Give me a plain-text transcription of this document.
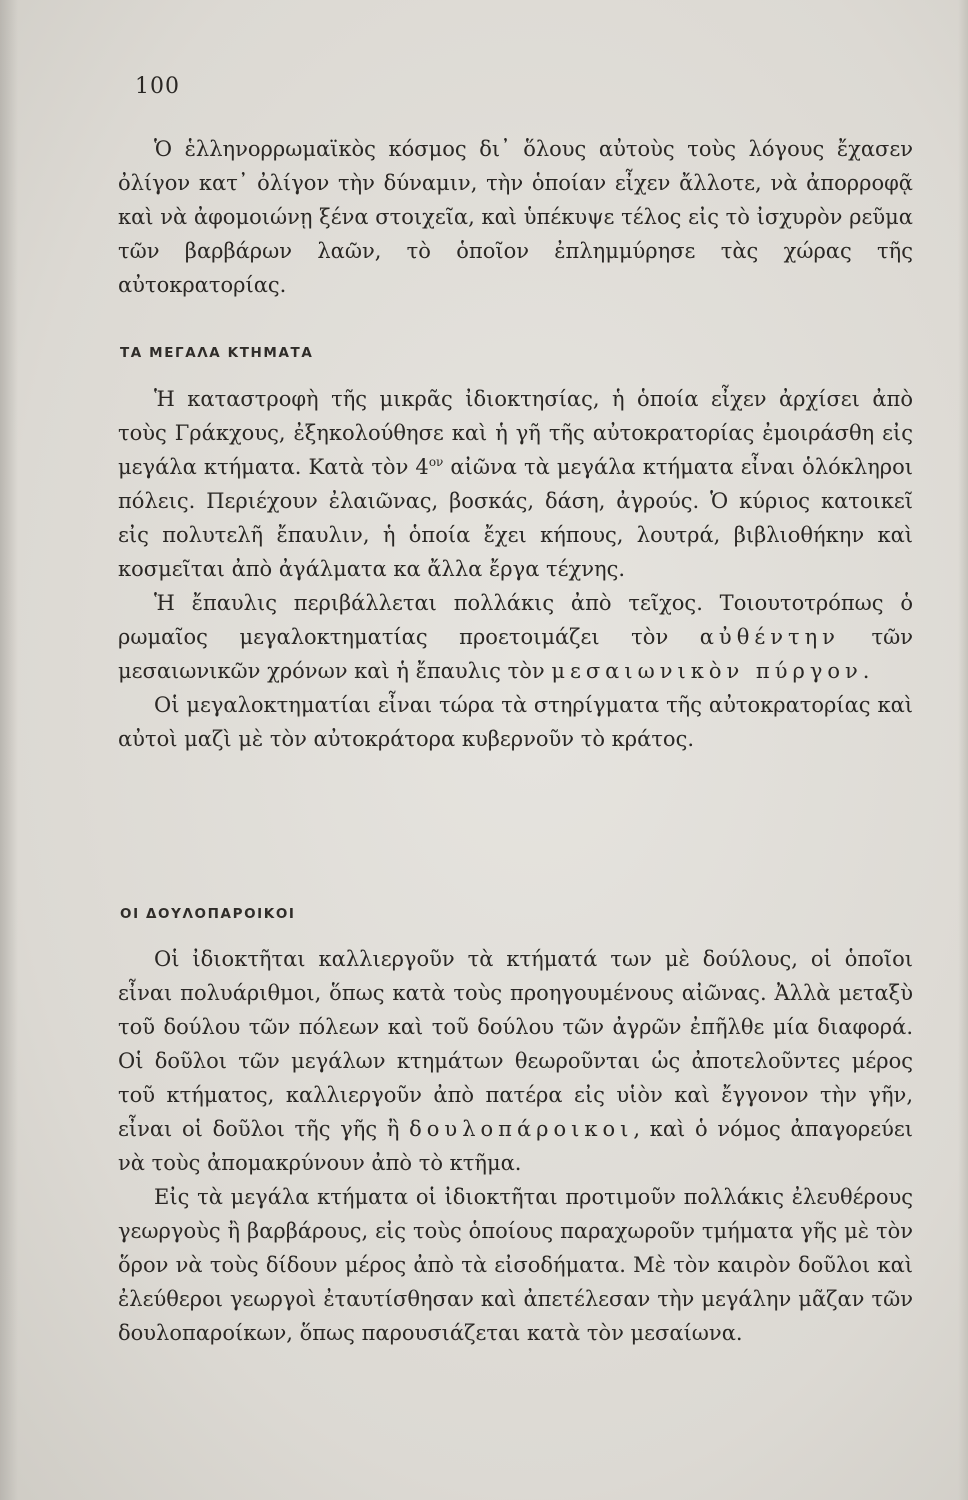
100

Ὁ ἑλληνορρωμαϊκὸς κόσμος δι᾽ ὅλους αὐτοὺς τοὺς λόγους ἔχασεν ὀλίγον κατ᾽ ὀλίγον τὴν δύναμιν, τὴν ὁποίαν εἶχεν ἄλλοτε, νὰ ἀπορροφᾷ καὶ νὰ ἀφομοιώνῃ ξένα στοιχεῖα, καὶ ὑπέκυψε τέλος εἰς τὸ ἰσχυρὸν ρεῦμα τῶν βαρβάρων λαῶν, τὸ ὁποῖον ἐπλημμύρησε τὰς χώρας τῆς αὐτοκρατορίας.

ΤΑ ΜΕΓΑΛΑ ΚΤΗΜΑΤΑ

Ἡ καταστροφὴ τῆς μικρᾶς ἰδιοκτησίας, ἡ ὁποία εἶχεν ἀρχίσει ἀπὸ τοὺς Γράκχους, ἐξηκολούθησε καὶ ἡ γῆ τῆς αὐτοκρατορίας ἐμοιράσθη εἰς μεγάλα κτήματα. Κατὰ τὸν $4^{o\nu}$ αἰῶνα τὰ μεγάλα κτήματα εἶναι ὁλόκληροι πόλεις. Περιέχουν ἐλαιῶνας, βοσκάς, δάση, ἀγρούς. Ὁ κύριος κατοικεῖ εἰς πολυτελῆ ἔπαυλιν, ἡ ὁποία ἔχει κήπους, λουτρά, βιβλιοθήκην καὶ κοσμεῖται ἀπὸ ἀγάλματα κα ἄλλα ἔργα τέχνης.

Ἡ ἔπαυλις περιβάλλεται πολλάκις ἀπὸ τεῖχος. Τοιουτοτρόπως ὁ ρωμαῖος μεγαλοκτηματίας προετοιμάζει τὸν αὐθέντην τῶν μεσαιωνικῶν χρόνων καὶ ἡ ἔπαυλις τὸν μεσαιωνικὸν πύργον.

Οἱ μεγαλοκτηματίαι εἶναι τώρα τὰ στηρίγματα τῆς αὐτοκρατορίας καὶ αὐτοὶ μαζὶ μὲ τὸν αὐτοκράτορα κυβερνοῦν τὸ κράτος.

ΟΙ ΔΟΥΛΟΠΑΡΟΙΚΟΙ

Οἱ ἰδιοκτῆται καλλιεργοῦν τὰ κτήματά των μὲ δούλους, οἱ ὁποῖοι εἶναι πολυάριθμοι, ὅπως κατὰ τοὺς προηγουμένους αἰῶνας. Ἀλλὰ μεταξὺ τοῦ δούλου τῶν πόλεων καὶ τοῦ δούλου τῶν ἀγρῶν ἐπῆλθε μία διαφορά. Οἱ δοῦλοι τῶν μεγάλων κτημάτων θεωροῦνται ὡς ἀποτελοῦντες μέρος τοῦ κτήματος, καλλιεργοῦν ἀπὸ πατέρα εἰς υἱὸν καὶ ἔγγονον τὴν γῆν, εἶναι οἱ δοῦλοι τῆς γῆς ἢ δουλοπάροικοι, καὶ ὁ νόμος ἀπαγορεύει νὰ τοὺς ἀπομακρύνουν ἀπὸ τὸ κτῆμα.

Εἰς τὰ μεγάλα κτήματα οἱ ἰδιοκτῆται προτιμοῦν πολλάκις ἐλευθέρους γεωργοὺς ἢ βαρβάρους, εἰς τοὺς ὁποίους παραχωροῦν τμήματα γῆς μὲ τὸν ὅρον νὰ τοὺς δίδουν μέρος ἀπὸ τὰ εἰσοδήματα. Μὲ τὸν καιρὸν δοῦλοι καὶ ἐλεύθεροι γεωργοὶ ἐταυτίσθησαν καὶ ἀπετέλεσαν τὴν μεγάλην μᾶζαν τῶν δουλοπαροίκων, ὅπως παρουσιάζεται κατὰ τὸν μεσαίωνα.
